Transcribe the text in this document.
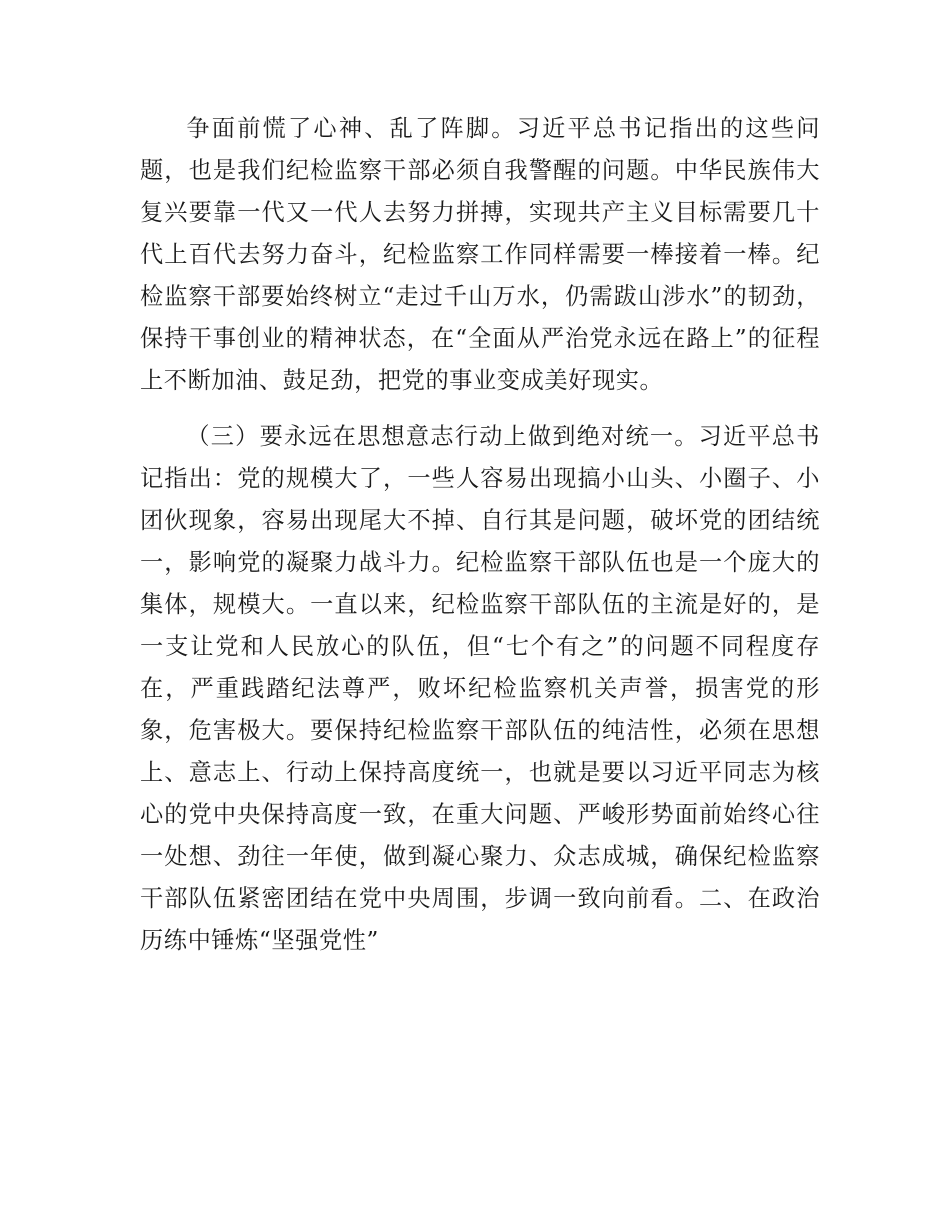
争面前慌了心神、乱了阵脚。习近平总书记指出的这些问题，也是我们纪检监察干部必须自我警醒的问题。中华民族伟大复兴要靠一代又一代人去努力拼搏，实现共产主义目标需要几十代上百代去努力奋斗，纪检监察工作同样需要一棒接着一棒。纪检监察干部要始终树立“走过千山万水，仍需跋山涉水”的韧劲，保持干事创业的精神状态，在“全面从严治党永远在路上”的征程上不断加油、鼓足劲，把党的事业变成美好现实。

（三）要永远在思想意志行动上做到绝对统一。习近平总书记指出：党的规模大了，一些人容易出现搞小山头、小圈子、小团伙现象，容易出现尾大不掉、自行其是问题，破坏党的团结统一，影响党的凝聚力战斗力。纪检监察干部队伍也是一个庞大的集体，规模大。一直以来，纪检监察干部队伍的主流是好的，是一支让党和人民放心的队伍，但“七个有之”的问题不同程度存在，严重践踏纪法尊严，败坏纪检监察机关声誉，损害党的形象，危害极大。要保持纪检监察干部队伍的纯洁性，必须在思想上、意志上、行动上保持高度统一，也就是要以习近平同志为核心的党中央保持高度一致，在重大问题、严峻形势面前始终心往一处想、劲往一年使，做到凝心聚力、众志成城，确保纪检监察干部队伍紧密团结在党中央周围，步调一致向前看。二、在政治历练中锤炼“坚强党性”
